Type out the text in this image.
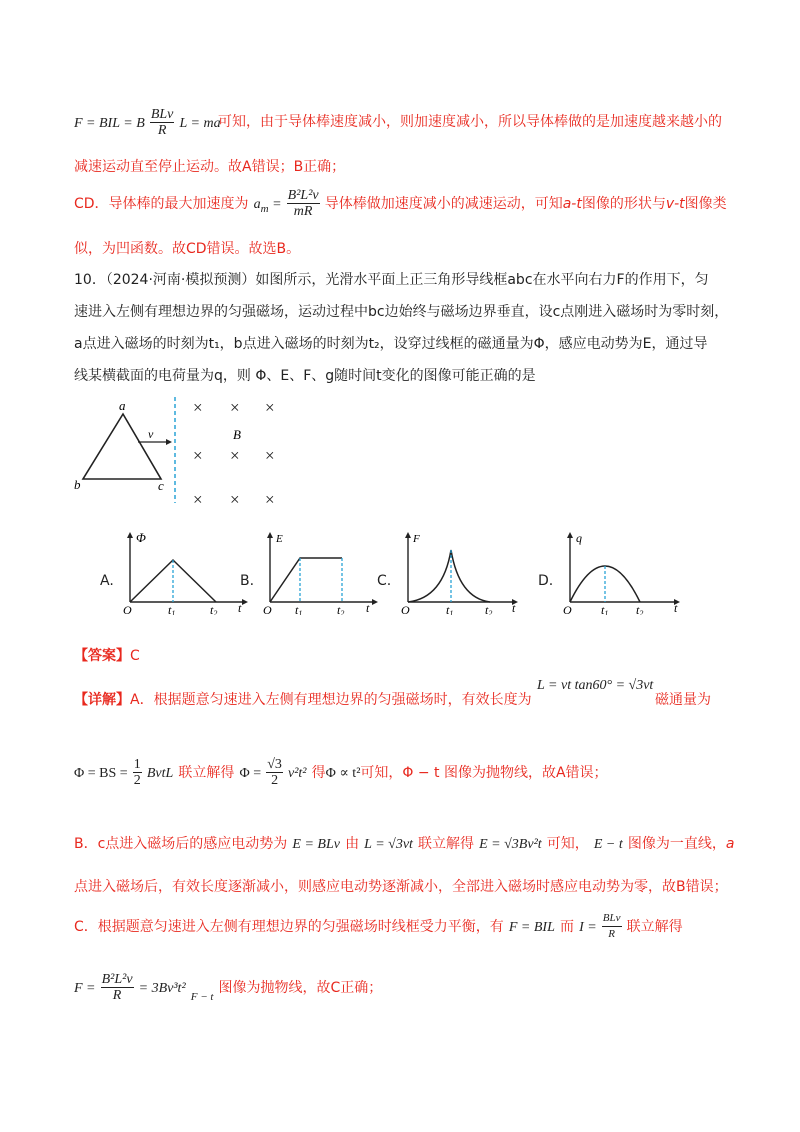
F = BIL = B $\frac{\text{BLv}}{R}$ L = ma
可知，由于导体棒速度减小，则加速度减小，所以导体棒做的是加速度越来越小的
减速运动直至停止运动。故A错误；B正确；
CD．导体棒的最大加速度为 $a_m = \frac{\text{B²L²v}}{mR}$ 导体棒做加速度减小的减速运动，可知a-t图像的形状与v-t图像类
似，为凹函数。故CD错误。故选B。
10．（2024·河南·模拟预测）如图所示，光滑水平面上正三角形导线框abc在水平向右力F的作用下，匀
速进入左侧有理想边界的匀强磁场，运动过程中bc边始终与磁场边界垂直，设c点刚进入磁场时为零时刻，
a点进入磁场的时刻为t₁，b点进入磁场的时刻为t₂，设穿过线框的磁通量为Φ，感应电动势为E，通过导
线某横截面的电荷量为q，则 Φ、E、F、g随时间t变化的图像可能正确的是
a
b	c
v
× × ×
× × ×
× × ×
B
A.
Φ
O	t1	t2 t
B.
E
O t1	t2 t
C.
F
O	t1	t2 t
D.
q
O t1 t2	t
【答案】C
【详解】A．根据题意匀速进入左侧有理想边界的匀强磁场时，有效长度为
L = vt tan60° = √3vt
磁通量为
Φ = BS = $\frac{1}{2}$ BvtL 联立解得 $\Phi = \frac{√3}{2} v^2t^2$ 得Φ ∝ t²可知，Φ − t 图像为抛物线，故A错误；
B．c点进入磁场后的感应电动势为 E = BLv 由 L = √3vt 联立解得 E = √3Bv²t 可知， E − t 图像为一直线，a
点进入磁场后，有效长度逐渐减小，则感应电动势逐渐减小，全部进入磁场时感应电动势为零，故B错误；
C．根据题意匀速进入左侧有理想边界的匀强磁场时线框受力平衡，有 F = BIL 而 $I = \frac{\text{BLv}}{R}$ 联立解得
$F = \frac{\text{B²L²v}}{R} = 3Bv^3t^2$ $_{F - t}$ 图像为抛物线，故C正确；
